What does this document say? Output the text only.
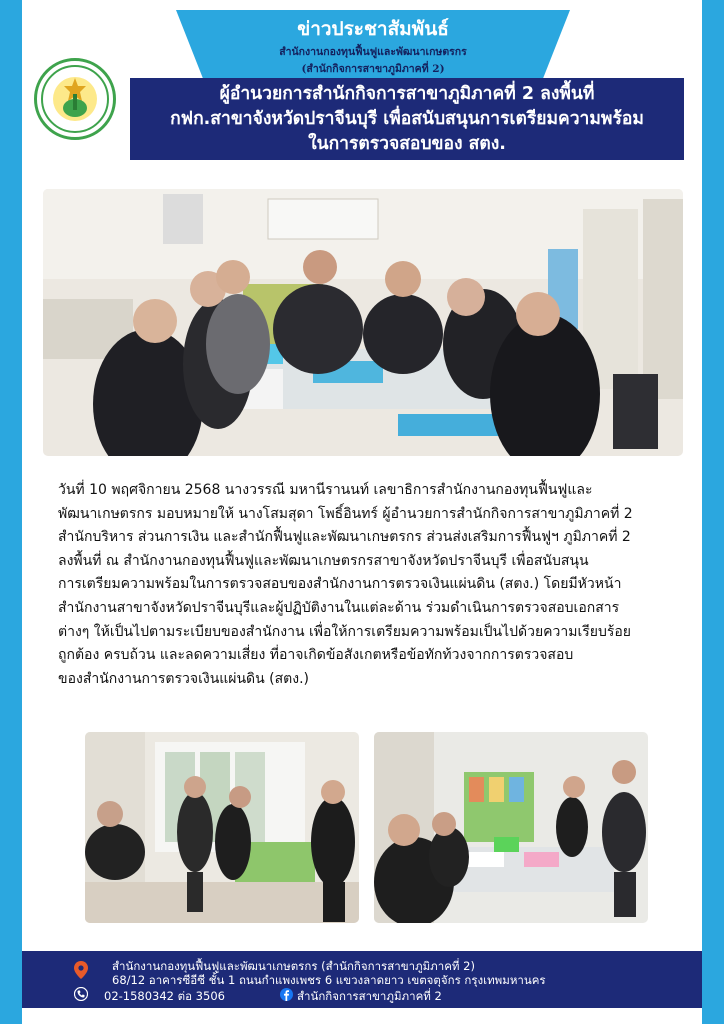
ข่าวประชาสัมพันธ์
สำนักงานกองทุนฟื้นฟูและพัฒนาเกษตรกร
(สำนักกิจการสาขาภูมิภาคที่ 2)
ผู้อำนวยการสำนักกิจการสาขาภูมิภาคที่ 2 ลงพื้นที่
กฟก.สาขาจังหวัดปราจีนบุรี เพื่อสนับสนุนการเตรียมความพร้อม
ในการตรวจสอบของ สตง.
วันที่ 10 พฤศจิกายน 2568 นางวรรณี มหานีรานนท์ เลขาธิการสำนักงานกองทุนฟื้นฟูและ
พัฒนาเกษตรกร มอบหมายให้ นางโสมสุดา โพธิ์อินทร์ ผู้อำนวยการสำนักกิจการสาขาภูมิภาคที่ 2
สำนักบริหาร ส่วนการเงิน และสำนักฟื้นฟูและพัฒนาเกษตรกร ส่วนส่งเสริมการฟื้นฟูฯ ภูมิภาคที่ 2
ลงพื้นที่ ณ สำนักงานกองทุนฟื้นฟูและพัฒนาเกษตรกรสาขาจังหวัดปราจีนบุรี เพื่อสนับสนุน
การเตรียมความพร้อมในการตรวจสอบของสำนักงานการตรวจเงินแผ่นดิน (สตง.) โดยมีหัวหน้า
สำนักงานสาขาจังหวัดปราจีนบุรีและผู้ปฏิบัติงานในแต่ละด้าน ร่วมดำเนินการตรวจสอบเอกสาร
ต่างๆ ให้เป็นไปตามระเบียบของสำนักงาน เพื่อให้การเตรียมความพร้อมเป็นไปด้วยความเรียบร้อย
ถูกต้อง ครบถ้วน และลดความเสี่ยง ที่อาจเกิดข้อสังเกตหรือข้อทักท้วงจากการตรวจสอบ
ของสำนักงานการตรวจเงินแผ่นดิน (สตง.)
สำนักงานกองทุนฟื้นฟูและพัฒนาเกษตรกร (สำนักกิจการสาขาภูมิภาคที่ 2)
68/12 อาคารซีอีซี ชั้น 1 ถนนกำแพงเพชร 6 แขวงลาดยาว เขตจตุจักร กรุงเทพมหานคร
02-1580342 ต่อ 3506	สำนักกิจการสาขาภูมิภาคที่ 2
